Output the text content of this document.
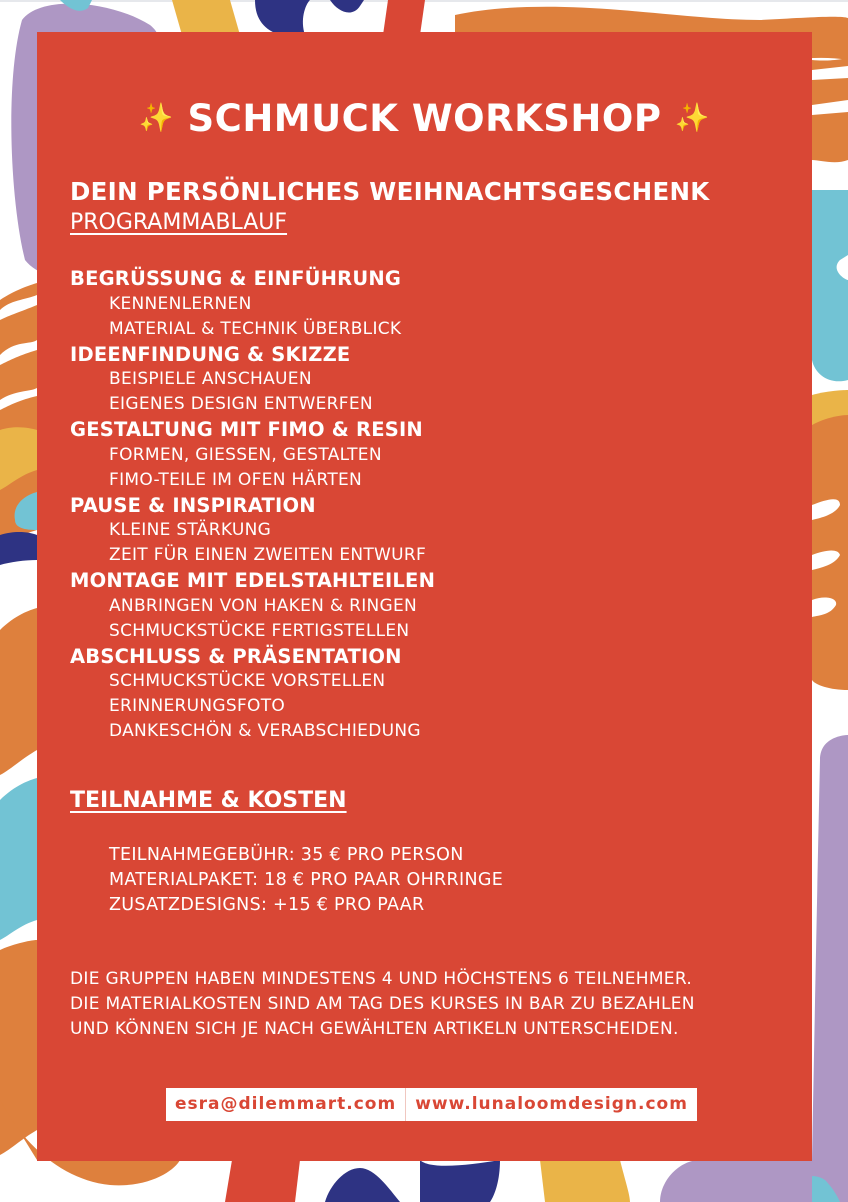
✨ SCHMUCK WORKSHOP ✨
DEIN PERSÖNLICHES WEIHNACHTSGESCHENK
PROGRAMMABLAUF
BEGRÜSSUNG & EINFÜHRUNG
KENNENLERNEN
MATERIAL & TECHNIK ÜBERBLICK
IDEENFINDUNG & SKIZZE
BEISPIELE ANSCHAUEN
EIGENES DESIGN ENTWERFEN
GESTALTUNG MIT FIMO & RESIN
FORMEN, GIESSEN, GESTALTEN
FIMO-TEILE IM OFEN HÄRTEN
PAUSE & INSPIRATION
KLEINE STÄRKUNG
ZEIT FÜR EINEN ZWEITEN ENTWURF
MONTAGE MIT EDELSTAHLTEILEN
ANBRINGEN VON HAKEN & RINGEN
SCHMUCKSTÜCKE FERTIGSTELLEN
ABSCHLUSS & PRÄSENTATION
SCHMUCKSTÜCKE VORSTELLEN
ERINNERUNGSFOTO
DANKESCHÖN & VERABSCHIEDUNG
TEILNAHME & KOSTEN
TEILNAHMEGEBÜHR: 35 € PRO PERSON
MATERIALPAKET: 18 € PRO PAAR OHRRINGE
ZUSATZDESIGNS: +15 € PRO PAAR
DIE GRUPPEN HABEN MINDESTENS 4 UND HÖCHSTENS 6 TEILNEHMER.
DIE MATERIALKOSTEN SIND AM TAG DES KURSES IN BAR ZU BEZAHLEN
UND KÖNNEN SICH JE NACH GEWÄHLTEN ARTIKELN UNTERSCHEIDEN.
esra@dilemmart.com	www.lunaloomdesign.com
